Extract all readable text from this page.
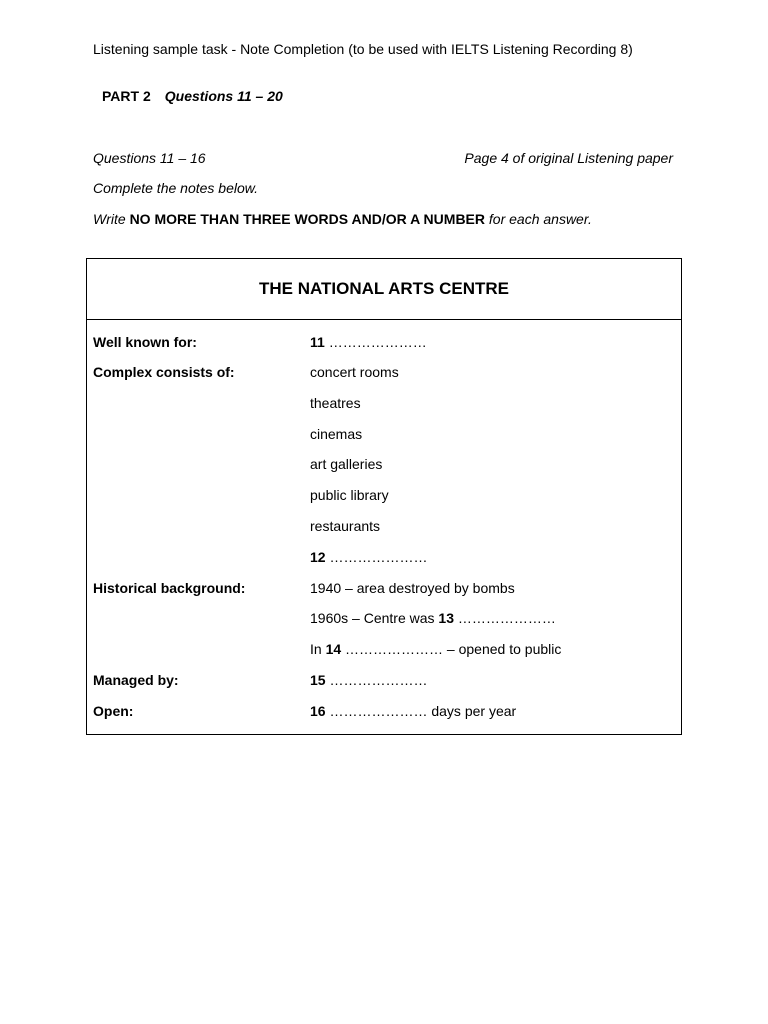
Listening sample task - Note Completion (to be used with IELTS Listening Recording 8)
PART 2 Questions 11 – 20
Questions 11 – 16	Page 4 of original Listening paper
Complete the notes below.
Write NO MORE THAN THREE WORDS AND/OR A NUMBER for each answer.
THE NATIONAL ARTS CENTRE
Well known for:	11 …………………
Complex consists of:	concert rooms
theatres
cinemas
art galleries
public library
restaurants
12 …………………
Historical background:	1940 – area destroyed by bombs
1960s – Centre was 13 …………………
In 14 ………………… – opened to public
Managed by:	15 …………………
Open:	16 ………………… days per year
